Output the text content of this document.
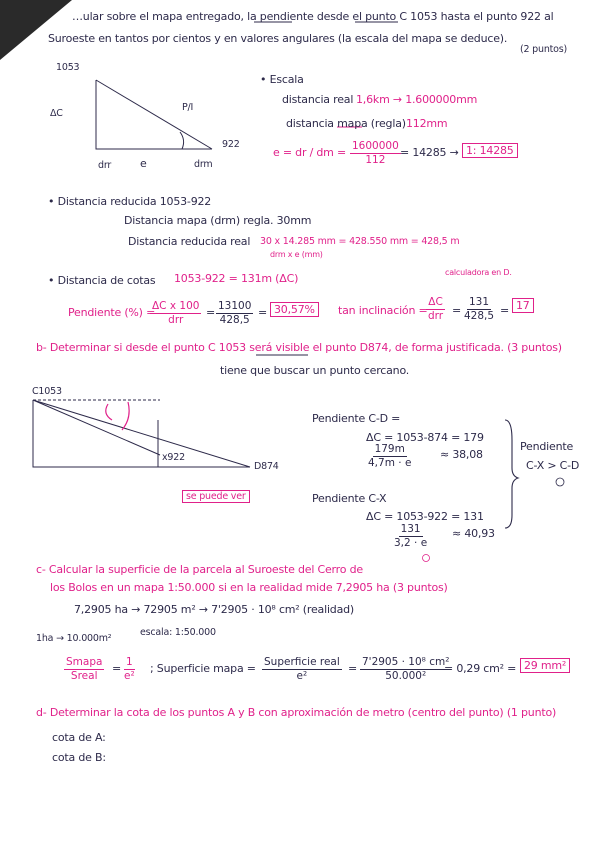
…ular sobre el mapa entregado, la pendiente desde el punto C 1053 hasta el punto 922 al
Suroeste en tantos por cientos y en valores angulares (la escala del mapa se deduce).
(2 puntos)
1053
ΔC
P/I
922
drr	e	drm
• Escala
distancia real 1,6km → 1.600000mm
distancia mapa (regla) 112mm
e = dr / dm = $\frac{1600000}{112} = 14285 \to 1$: 14285
• Distancia reducida 1053-922
Distancia mapa (drm) regla. 30mm
Distancia reducida real 30 x 14.285 mm = 428.550 mm = 428,5 m
drm x e (mm)
• Distancia de cotas 1053-922 = 131m (ΔC)
Pendiente (%) =
ΔC x 100
drr
= $\frac{13100}{428,5} = 30,57\%$
calculadora en D.
tan inclinación =
ΔC
drr = $\frac{131}{428,5} = 17$
b- Determinar si desde el punto C 1053 será visible el punto D874, de forma justificada. (3 puntos)
tiene que buscar un punto cercano.
C1053
x922
D874
se puede ver
Pendiente C-D =
ΔC = 1053-874 = 179
$\frac{179m}{4,7m \cdot e} \approx 38,08$
Pendiente C-X
ΔC = 1053-922 = 131
$\frac{131}{3,2 \cdot e} \approx 40,93$
Pendiente
C-X > C-D
c- Calcular la superficie de la parcela al Suroeste del Cerro de
los Bolos en un mapa 1:50.000 si en la realidad mide 7,2905 ha (3 puntos)
7,2905 ha → 72905 m² → 7'2905 · 10⁸ cm² (realidad)
1ha → 10.000m²
escala: 1:50.000
Smapa
Sreal
= $\frac{1}{\text{e²}}$ ; Superficie mapa = Superficie real
e²
= $\frac{\text{7'2905 · 10⁸ cm²}}{\text{50.000²}}$
= 0,29 cm² = 29 mm²
d- Determinar la cota de los puntos A y B con aproximación de metro (centro del punto) (1 punto)
cota de A:
cota de B:
